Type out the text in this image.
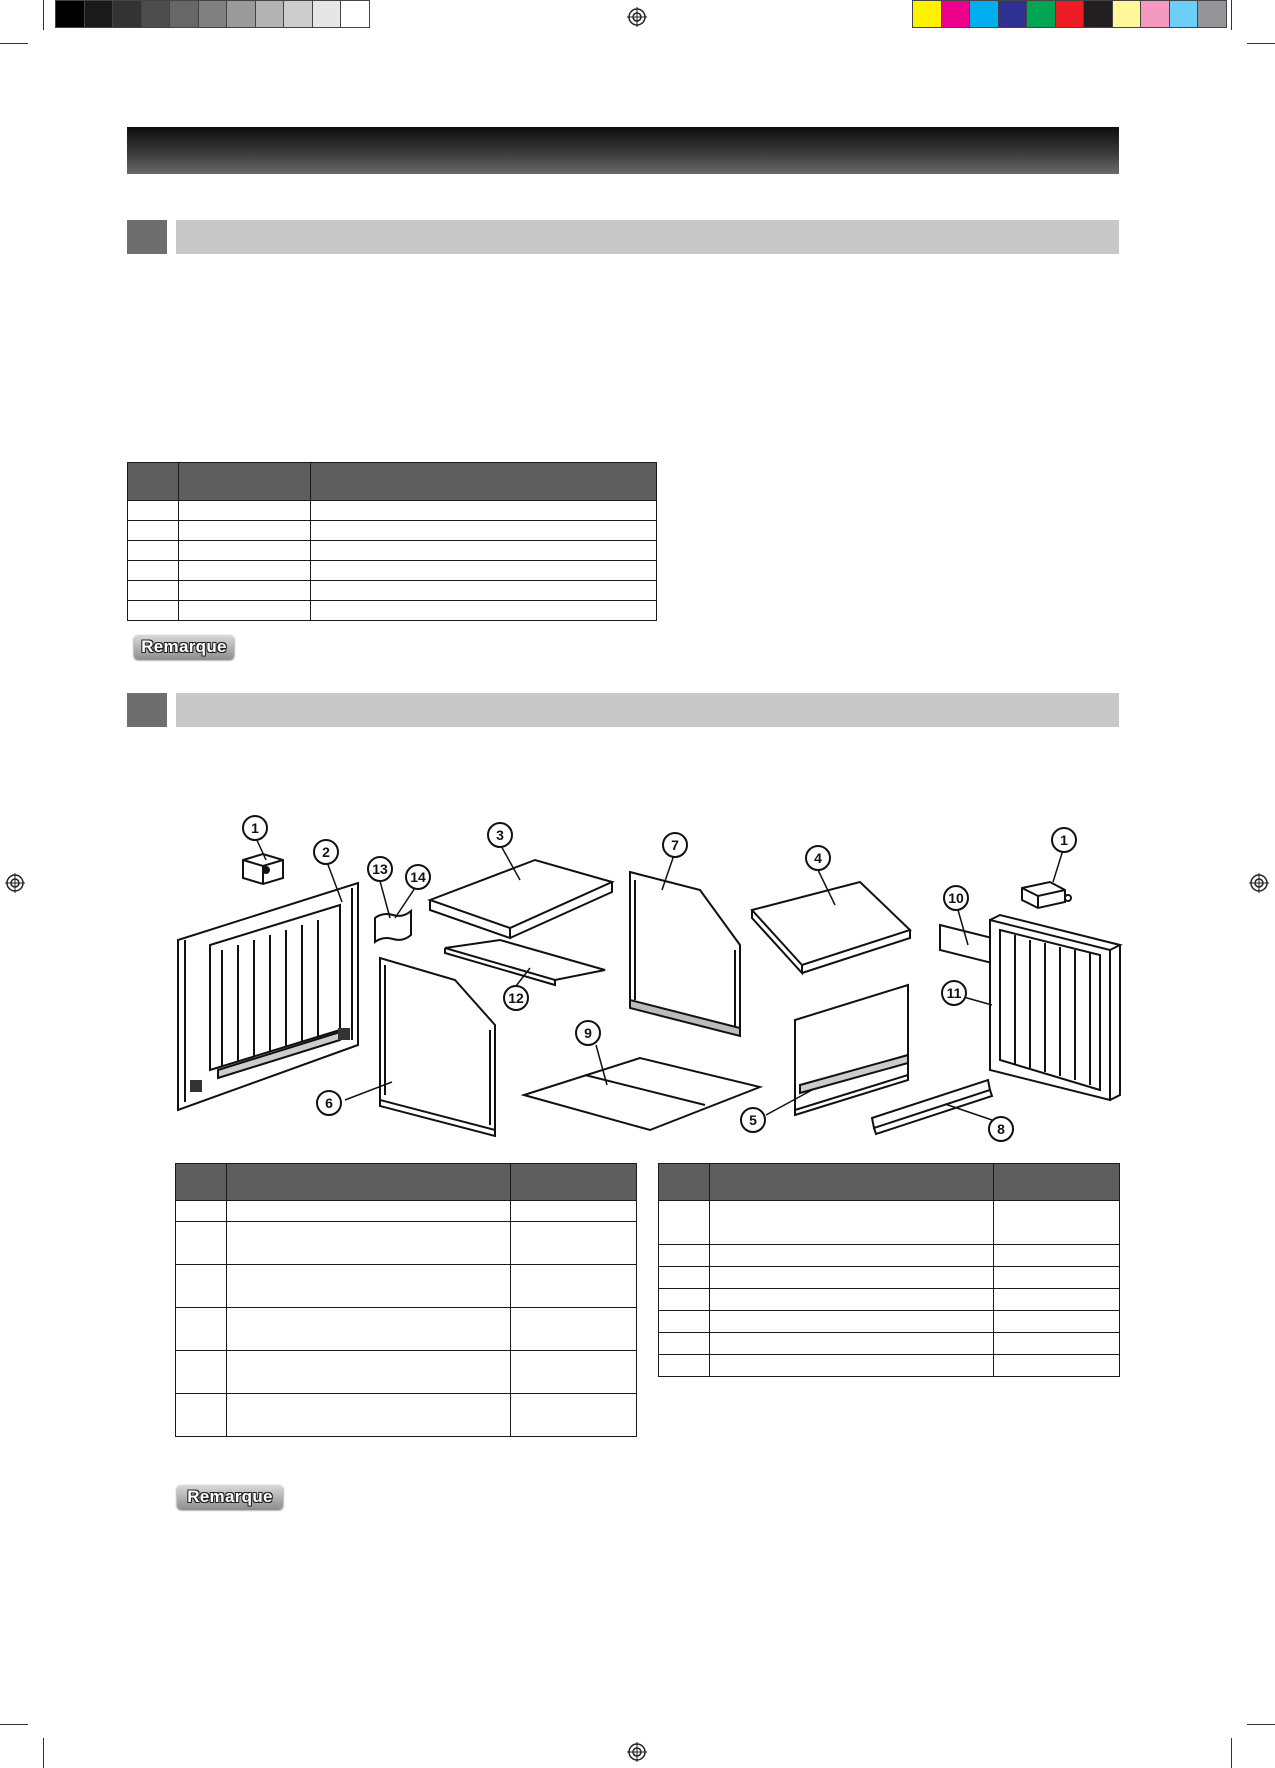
Remarque
1
2
3
7
4
1
13 14
10
12
9
11
6
5
8

Remarque
